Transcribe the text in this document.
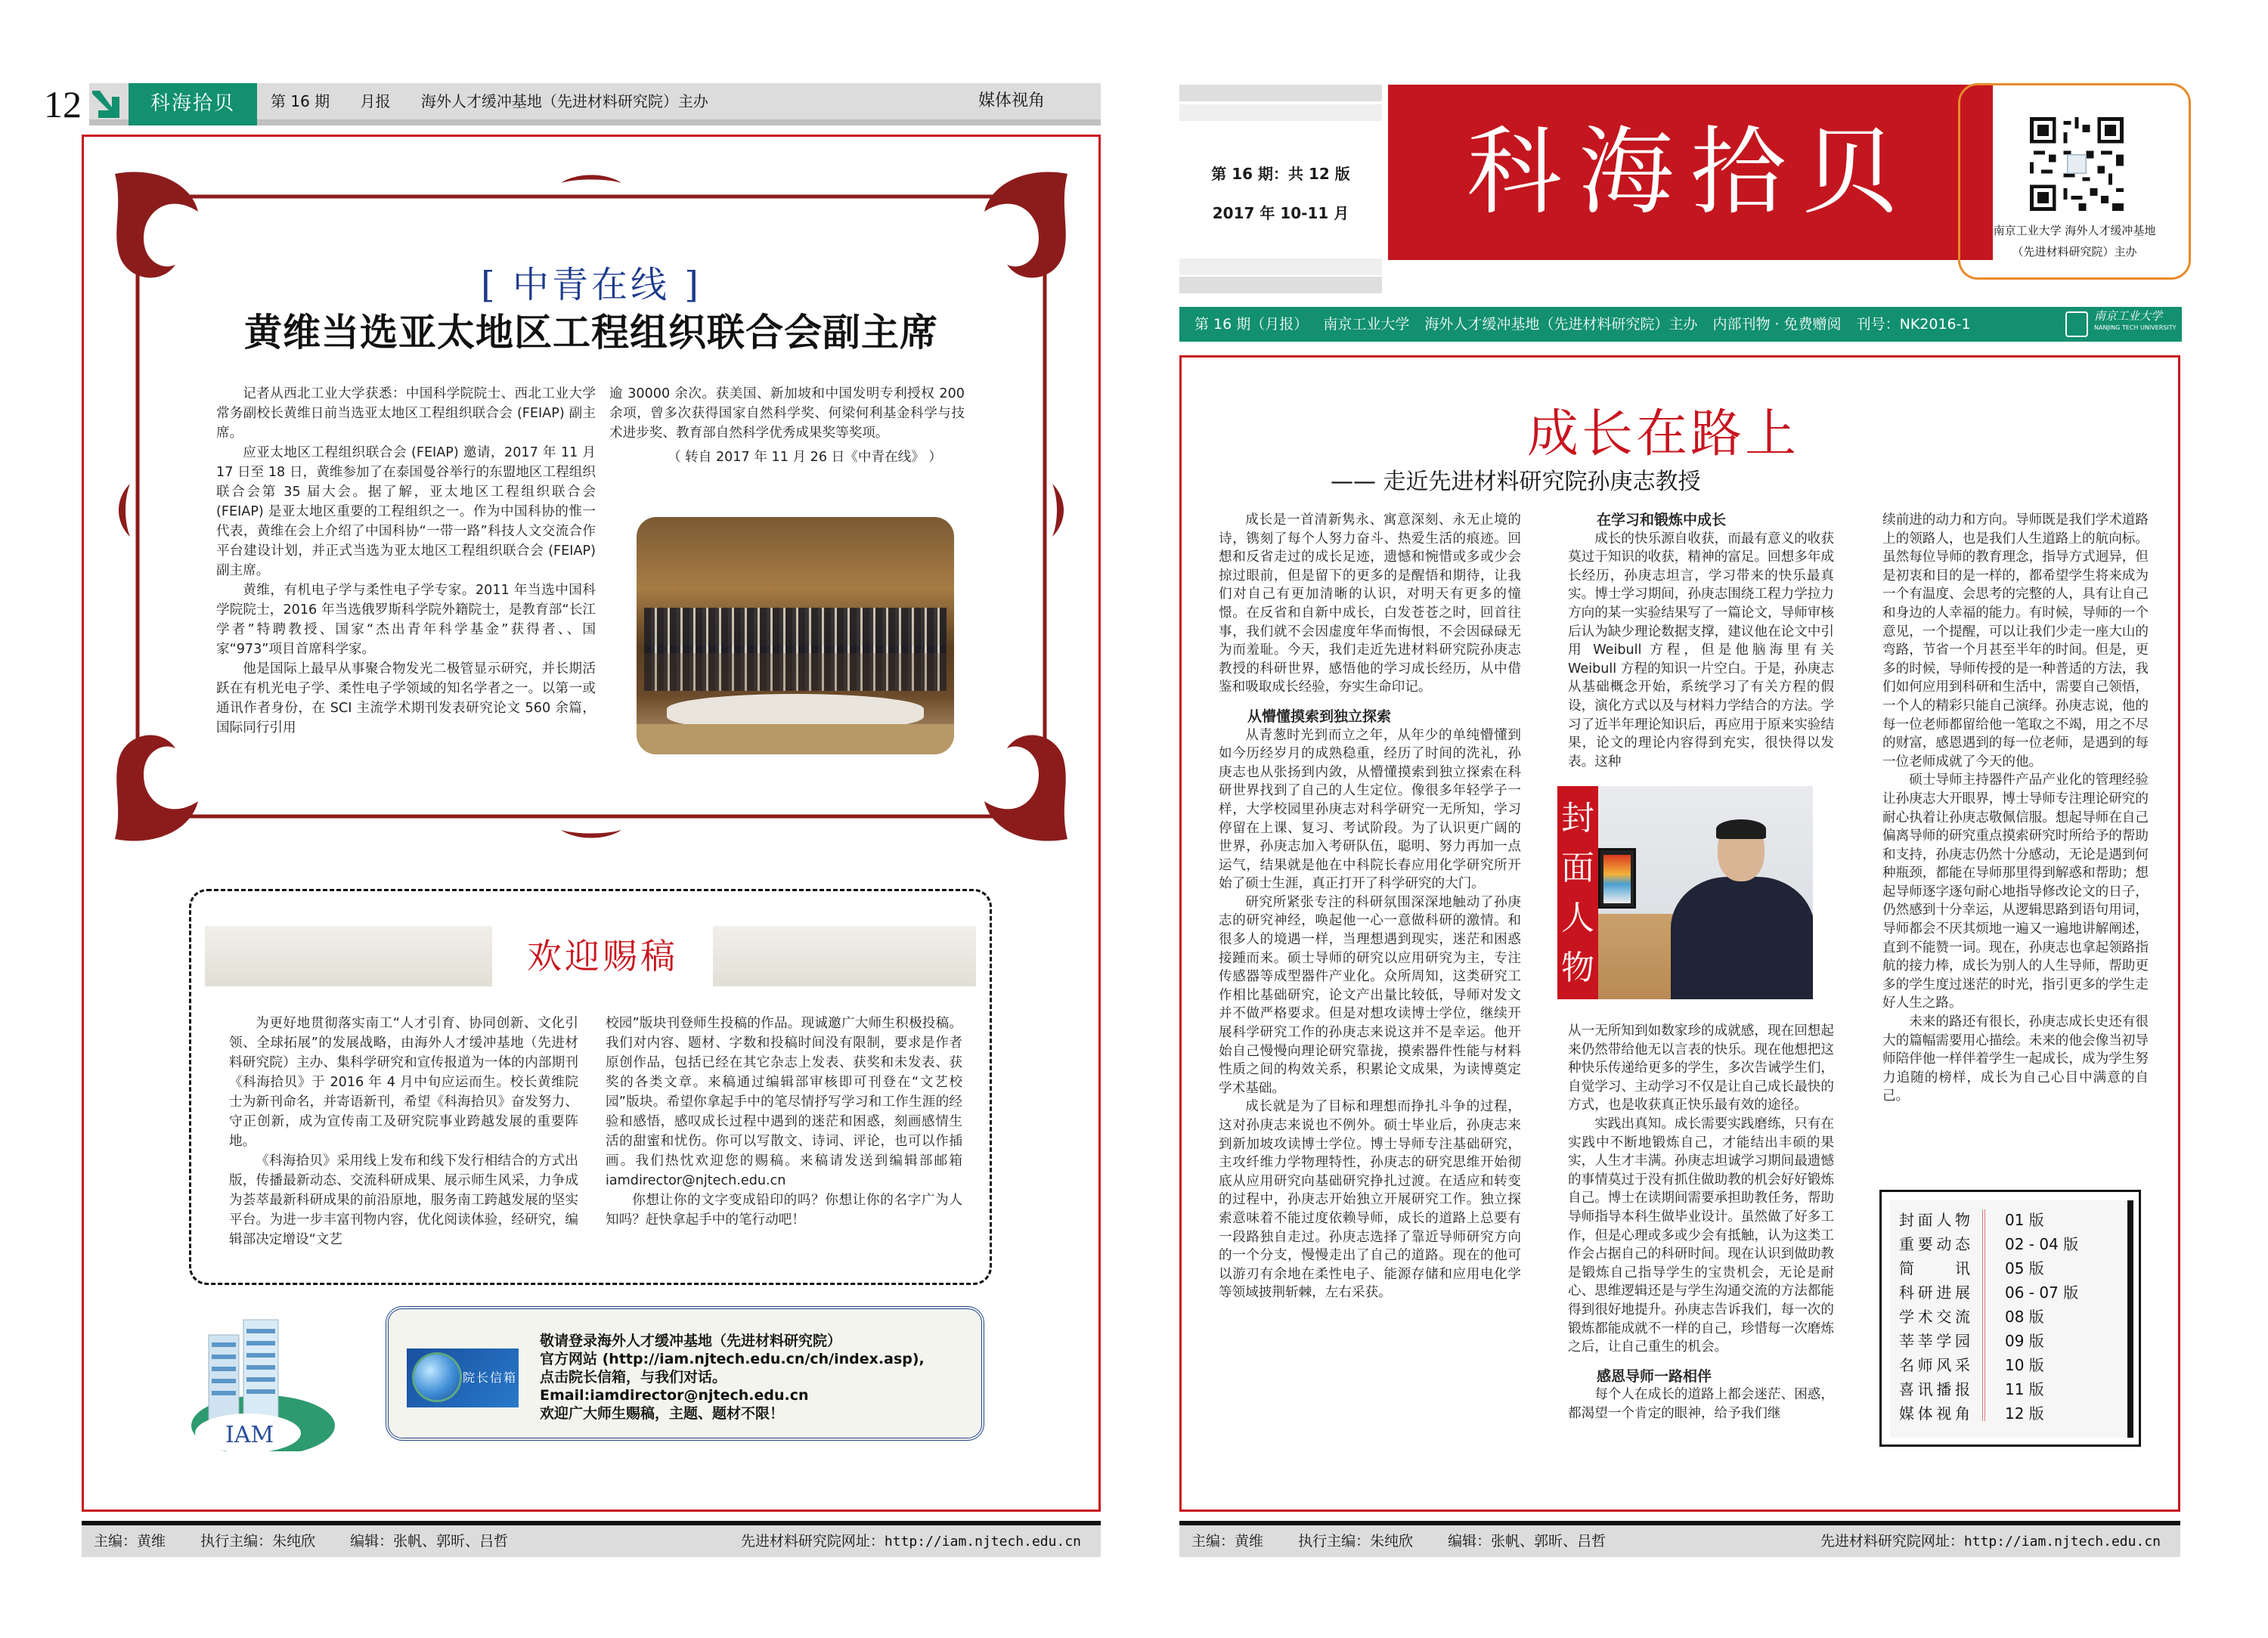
12	科海拾贝	第 16 期 月报 海外人才缓冲基地（先进材料研究院）主办	媒体视角
[ 中青在线 ]
黄维当选亚太地区工程组织联合会副主席

记者从西北工业大学获悉：中国科学院院士、西北工业大学常务副校长黄维日前当选亚太地区工程组织联合会 (FEIAP) 副主席。

应亚太地区工程组织联合会 (FEIAP) 邀请，2017 年 11 月 17 日至 18 日，黄维参加了在泰国曼谷举行的东盟地区工程组织联合会第 35 届大会。据了解，亚太地区工程组织联合会 (FEIAP) 是亚太地区重要的工程组织之一。作为中国科协的惟一代表，黄维在会上介绍了中国科协“一带一路”科技人文交流合作平台建设计划，并正式当选为亚太地区工程组织联合会 (FEIAP) 副主席。

黄维，有机电子学与柔性电子学专家。2011 年当选中国科学院院士，2016 年当选俄罗斯科学院外籍院士，是教育部“长江学者”特聘教授、国家“杰出青年科学基金”获得者、、国家“973”项目首席科学家。

他是国际上最早从事聚合物发光二极管显示研究，并长期活跃在有机光电子学、柔性电子学领域的知名学者之一。以第一或通讯作者身份，在 SCI 主流学术期刊发表研究论文 560 余篇，国际同行引用

逾 30000 余次。获美国、新加坡和中国发明专利授权 200 余项，曾多次获得国家自然科学奖、何梁何利基金科学与技术进步奖、教育部自然科学优秀成果奖等奖项。

（ 转自 2017 年 11 月 26 日《中青在线》 ）
欢迎赐稿

为更好地贯彻落实南工“人才引育、协同创新、文化引领、全球拓展”的发展战略，由海外人才缓冲基地（先进材料研究院）主办、集科学研究和宣传报道为一体的内部期刊《科海拾贝》于 2016 年 4 月中旬应运而生。校长黄维院士为新刊命名，并寄语新刊，希望《科海拾贝》奋发努力、守正创新，成为宣传南工及研究院事业跨越发展的重要阵地。

《科海拾贝》采用线上发布和线下发行相结合的方式出版，传播最新动态、交流科研成果、展示师生风采，力争成为荟萃最新科研成果的前沿原地，服务南工跨越发展的坚实平台。为进一步丰富刊物内容，优化阅读体验，经研究，编辑部决定增设“文艺

校园”版块刊登师生投稿的作品。现诚邀广大师生积极投稿。我们对内容、题材、字数和投稿时间没有限制，要求是作者原创作品，包括已经在其它杂志上发表、获奖和未发表、获奖的各类文章。来稿通过编辑部审核即可刊登在“文艺校园”版块。希望你拿起手中的笔尽情抒写学习和工作生涯的经验和感悟，感叹成长过程中遇到的迷茫和困惑，刻画感情生活的甜蜜和忧伤。你可以写散文、诗词、评论，也可以作插画。我们热忱欢迎您的赐稿。来稿请发送到编辑部邮箱 iamdirector@njtech.edu.cn

你想让你的文字变成铅印的吗？你想让你的名字广为人知吗？赶快拿起手中的笔行动吧！

IAM
院长信箱
敬请登录海外人才缓冲基地（先进材料研究院）
官方网站 (http://iam.njtech.edu.cn/ch/index.asp),
点击院长信箱，与我们对话。
Email:iamdirector@njtech.edu.cn
欢迎广大师生赐稿，主题、题材不限！
主编：黄维 执行主编：朱纯欣 编辑：张帆、郭昕、吕哲	先进材料研究院网址：http://iam.njtech.edu.cn
第 16 期：共 12 版
2017 年 10-11 月	科海拾贝
南京工业大学 海外人才缓冲基地
（先进材料研究院）主办
第 16 期（月报） 南京工业大学 海外人才缓冲基地（先进材料研究院）主办 内部刊物 · 免费赠阅 刊号：NK2016-1	南京工业大学
NANJING TECH UNIVERSITY
成长在路上
—— 走近先进材料研究院孙庚志教授

成长是一首清新隽永、寓意深刻、永无止境的诗，镌刻了每个人努力奋斗、热爱生活的痕迹。回想和反省走过的成长足迹，遗憾和惋惜或多或少会掠过眼前，但是留下的更多的是醒悟和期待，让我们对自己有更加清晰的认识，对明天有更多的憧憬。在反省和自新中成长，白发苍苍之时，回首往事，我们就不会因虚度年华而悔恨，不会因碌碌无为而羞耻。今天，我们走近先进材料研究院孙庚志教授的科研世界，感悟他的学习成长经历，从中借鉴和吸取成长经验，夯实生命印记。

从懵懂摸索到独立探索

从青葱时光到而立之年，从年少的单纯懵懂到如今历经岁月的成熟稳重，经历了时间的洗礼，孙庚志也从张扬到内敛，从懵懂摸索到独立探索在科研世界找到了自己的人生定位。像很多年轻学子一样，大学校园里孙庚志对科学研究一无所知，学习停留在上课、复习、考试阶段。为了认识更广阔的世界，孙庚志加入考研队伍，聪明、努力再加一点运气，结果就是他在中科院长春应用化学研究所开始了硕士生涯，真正打开了科学研究的大门。

研究所紧张专注的科研氛围深深地触动了孙庚志的研究神经，唤起他一心一意做科研的激情。和很多人的境遇一样，当理想遇到现实，迷茫和困惑接踵而来。硕士导师的研究以应用研究为主，专注传感器等成型器件产业化。众所周知，这类研究工作相比基础研究，论文产出量比较低，导师对发文并不做严格要求。但是对想攻读博士学位，继续开展科学研究工作的孙庚志来说这并不是幸运。他开始自己慢慢向理论研究靠拢，摸索器件性能与材料性质之间的构效关系，积累论文成果，为读博奠定学术基础。

成长就是为了目标和理想而挣扎斗争的过程，这对孙庚志来说也不例外。硕士毕业后，孙庚志来到新加坡攻读博士学位。博士导师专注基础研究，主攻纤维力学物理特性，孙庚志的研究思维开始彻底从应用研究向基础研究挣扎过渡。在适应和转变的过程中，孙庚志开始独立开展研究工作。独立探索意味着不能过度依赖导师，成长的道路上总要有一段路独自走过。孙庚志选择了靠近导师研究方向的一个分支，慢慢走出了自己的道路。现在的他可以游刃有余地在柔性电子、能源存储和应用电化学等领域披荆斩棘，左右采获。

在学习和锻炼中成长

成长的快乐源自收获，而最有意义的收获莫过于知识的收获，精神的富足。回想多年成长经历，孙庚志坦言，学习带来的快乐最真实。博士学习期间，孙庚志围绕工程力学拉力方向的某一实验结果写了一篇论文，导师审核后认为缺少理论数据支撑，建议他在论文中引用 Weibull 方程，但是他脑海里有关 Weibull 方程的知识一片空白。于是，孙庚志从基础概念开始，系统学习了有关方程的假设，演化方式以及与材料力学结合的方法。学习了近半年理论知识后，再应用于原来实验结果，论文的理论内容得到充实，很快得以发表。这种

封面人物

从一无所知到如数家珍的成就感，现在回想起来仍然带给他无以言表的快乐。现在他想把这种快乐传递给更多的学生，多次告诫学生们，自觉学习、主动学习不仅是让自己成长最快的方式，也是收获真正快乐最有效的途径。

实践出真知。成长需要实践磨练，只有在实践中不断地锻炼自己，才能结出丰硕的果实，人生才丰满。孙庚志坦诚学习期间最遗憾的事情莫过于没有抓住做助教的机会好好锻炼自己。博士在读期间需要承担助教任务，帮助导师指导本科生做毕业设计。虽然做了好多工作，但是心理或多或少会有抵触，认为这类工作会占据自己的科研时间。现在认识到做助教是锻炼自己指导学生的宝贵机会，无论是耐心、思维逻辑还是与学生沟通交流的方法都能得到很好地提升。孙庚志告诉我们，每一次的锻炼都能成就不一样的自己，珍惜每一次磨炼之后，让自己重生的机会。

感恩导师一路相伴

每个人在成长的道路上都会迷茫、困惑，都渴望一个肯定的眼神，给予我们继

续前进的动力和方向。导师既是我们学术道路上的领路人，也是我们人生道路上的航向标。虽然每位导师的教育理念，指导方式迥异，但是初衷和目的是一样的，都希望学生将来成为一个有温度、会思考的完整的人，具有让自己和身边的人幸福的能力。有时候，导师的一个意见，一个提醒，可以让我们少走一座大山的弯路，节省一个月甚至半年的时间。但是，更多的时候，导师传授的是一种普适的方法，我们如何应用到科研和生活中，需要自己领悟，一个人的精彩只能自己演绎。孙庚志说，他的每一位老师都留给他一笔取之不竭，用之不尽的财富，感恩遇到的每一位老师，是遇到的每一位老师成就了今天的他。

硕士导师主持器件产品产业化的管理经验让孙庚志大开眼界，博士导师专注理论研究的耐心执着让孙庚志敬佩信服。想起导师在自己偏离导师的研究重点摸索研究时所给予的帮助和支持，孙庚志仍然十分感动，无论是遇到何种瓶颈，都能在导师那里得到解惑和帮助；想起导师逐字逐句耐心地指导修改论文的日子，仍然感到十分幸运，从逻辑思路到语句用词，导师都会不厌其烦地一遍又一遍地讲解阐述，直到不能赞一词。现在，孙庚志也拿起领路指航的接力棒，成长为别人的人生导师，帮助更多的学生度过迷茫的时光，指引更多的学生走好人生之路。

未来的路还有很长，孙庚志成长史还有很大的篇幅需要用心描绘。未来的他会像当初导师陪伴他一样伴着学生一起成长，成为学生努力追随的榜样，成长为自己心目中满意的自己。

封面人物 01 版
重要动态 02 - 04 版
简　　讯 05 版
科研进展 06 - 07 版
学术交流 08 版
莘莘学园 09 版
名师风采 10 版
喜讯播报 11 版
媒体视角 12 版
主编：黄维 执行主编：朱纯欣 编辑：张帆、郭昕、吕哲	先进材料研究院网址：http://iam.njtech.edu.cn
